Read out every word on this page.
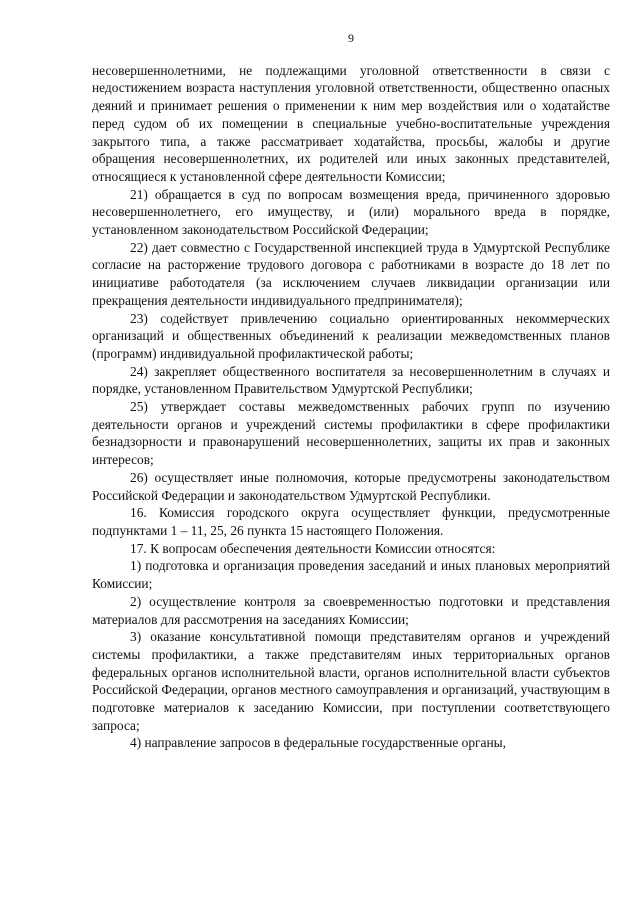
9

несовершеннолетними, не подлежащими уголовной ответственности в связи с недостижением возраста наступления уголовной ответственности, общественно опасных деяний и принимает решения о применении к ним мер воздействия или о ходатайстве перед судом об их помещении в специальные учебно-воспитательные учреждения закрытого типа, а также рассматривает ходатайства, просьбы, жалобы и другие обращения несовершеннолетних, их родителей или иных законных представителей, относящиеся к установленной сфере деятельности Комиссии;

21) обращается в суд по вопросам возмещения вреда, причиненного здоровью несовершеннолетнего, его имуществу, и (или) морального вреда в порядке, установленном законодательством Российской Федерации;

22) дает совместно с Государственной инспекцией труда в Удмуртской Республике согласие на расторжение трудового договора с работниками в возрасте до 18 лет по инициативе работодателя (за исключением случаев ликвидации организации или прекращения деятельности индивидуального предпринимателя);

23) содействует привлечению социально ориентированных некоммерческих организаций и общественных объединений к реализации межведомственных планов (программ) индивидуальной профилактической работы;

24) закрепляет общественного воспитателя за несовершеннолетним в случаях и порядке, установленном Правительством Удмуртской Республики;

25) утверждает составы межведомственных рабочих групп по изучению деятельности органов и учреждений системы профилактики в сфере профилактики безнадзорности и правонарушений несовершеннолетних, защиты их прав и законных интересов;

26) осуществляет иные полномочия, которые предусмотрены законодательством Российской Федерации и законодательством Удмуртской Республики.

16. Комиссия городского округа осуществляет функции, предусмотренные подпунктами 1 – 11, 25, 26 пункта 15 настоящего Положения.

17. К вопросам обеспечения деятельности Комиссии относятся:

1) подготовка и организация проведения заседаний и иных плановых мероприятий Комиссии;

2) осуществление контроля за своевременностью подготовки и представления материалов для рассмотрения на заседаниях Комиссии;

3) оказание консультативной помощи представителям органов и учреждений системы профилактики, а также представителям иных территориальных органов федеральных органов исполнительной власти, органов исполнительной власти субъектов Российской Федерации, органов местного самоуправления и организаций, участвующим в подготовке материалов к заседанию Комиссии, при поступлении соответствующего запроса;

4) направление запросов в федеральные государственные органы,
